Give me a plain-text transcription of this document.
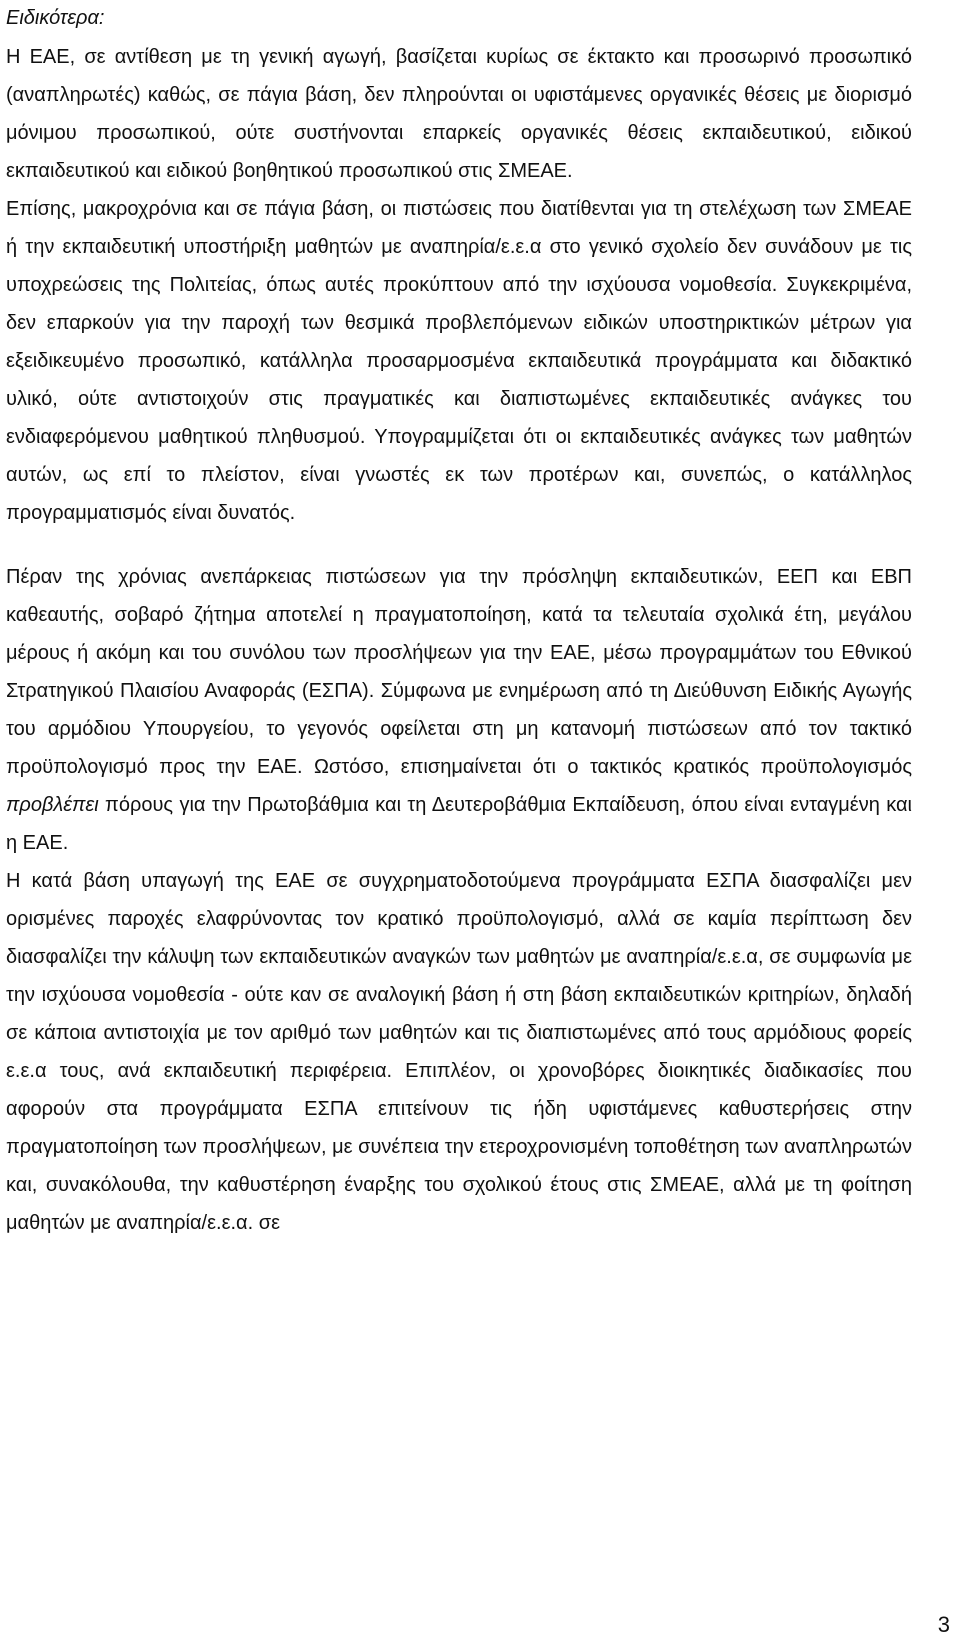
Ειδικότερα:

Η ΕΑΕ, σε αντίθεση με τη γενική αγωγή, βασίζεται κυρίως σε έκτακτο και προσωρινό προσωπικό (αναπληρωτές) καθώς, σε πάγια βάση, δεν πληρούνται οι υφιστάμενες οργανικές θέσεις με διορισμό μόνιμου προσωπικού, ούτε συστήνονται επαρκείς οργανικές θέσεις εκπαιδευτικού, ειδικού εκπαιδευτικού και ειδικού βοηθητικού προσωπικού στις ΣΜΕΑΕ.

Επίσης, μακροχρόνια και σε πάγια βάση, οι πιστώσεις που διατίθενται για τη στελέχωση των ΣΜΕΑΕ ή την εκπαιδευτική υποστήριξη μαθητών με αναπηρία/ε.ε.α στο γενικό σχολείο δεν συνάδουν με τις υποχρεώσεις της Πολιτείας, όπως αυτές προκύπτουν από την ισχύουσα νομοθεσία. Συγκεκριμένα, δεν επαρκούν για την παροχή των θεσμικά προβλεπόμενων ειδικών υποστηρικτικών μέτρων για εξειδικευμένο προσωπικό, κατάλληλα προσαρμοσμένα εκπαιδευτικά προγράμματα και διδακτικό υλικό, ούτε αντιστοιχούν στις πραγματικές και διαπιστωμένες εκπαιδευτικές ανάγκες του ενδιαφερόμενου μαθητικού πληθυσμού. Υπογραμμίζεται ότι οι εκπαιδευτικές ανάγκες των μαθητών αυτών, ως επί το πλείστον, είναι γνωστές εκ των προτέρων και, συνεπώς, ο κατάλληλος προγραμματισμός είναι δυνατός.

Πέραν της χρόνιας ανεπάρκειας πιστώσεων για την πρόσληψη εκπαιδευτικών, ΕΕΠ και ΕΒΠ καθεαυτής, σοβαρό ζήτημα αποτελεί η πραγματοποίηση, κατά τα τελευταία σχολικά έτη, μεγάλου μέρους ή ακόμη και του συνόλου των προσλήψεων για την ΕΑΕ, μέσω προγραμμάτων του Εθνικού Στρατηγικού Πλαισίου Αναφοράς (ΕΣΠΑ). Σύμφωνα με ενημέρωση από τη Διεύθυνση Ειδικής Αγωγής του αρμόδιου Υπουργείου, το γεγονός οφείλεται στη μη κατανομή πιστώσεων από τον τακτικό προϋπολογισμό προς την ΕΑΕ. Ωστόσο, επισημαίνεται ότι ο τακτικός κρατικός προϋπολογισμός προβλέπει πόρους για την Πρωτοβάθμια και τη Δευτεροβάθμια Εκπαίδευση, όπου είναι ενταγμένη και η ΕΑΕ.

Η κατά βάση υπαγωγή της ΕΑΕ σε συγχρηματοδοτούμενα προγράμματα ΕΣΠΑ διασφαλίζει μεν ορισμένες παροχές ελαφρύνοντας τον κρατικό προϋπολογισμό, αλλά σε καμία περίπτωση δεν διασφαλίζει την κάλυψη των εκπαιδευτικών αναγκών των μαθητών με αναπηρία/ε.ε.α, σε συμφωνία με την ισχύουσα νομοθεσία - ούτε καν σε αναλογική βάση ή στη βάση εκπαιδευτικών κριτηρίων, δηλαδή σε κάποια αντιστοιχία με τον αριθμό των μαθητών και τις διαπιστωμένες από τους αρμόδιους φορείς ε.ε.α τους, ανά εκπαιδευτική περιφέρεια. Επιπλέον, οι χρονοβόρες διοικητικές διαδικασίες που αφορούν στα προγράμματα ΕΣΠΑ επιτείνουν τις ήδη υφιστάμενες καθυστερήσεις στην πραγματοποίηση των προσλήψεων, με συνέπεια την ετεροχρονισμένη τοποθέτηση των αναπληρωτών και, συνακόλουθα, την καθυστέρηση έναρξης του σχολικού έτους στις ΣΜΕΑΕ, αλλά με τη φοίτηση μαθητών με αναπηρία/ε.ε.α. σε

3
